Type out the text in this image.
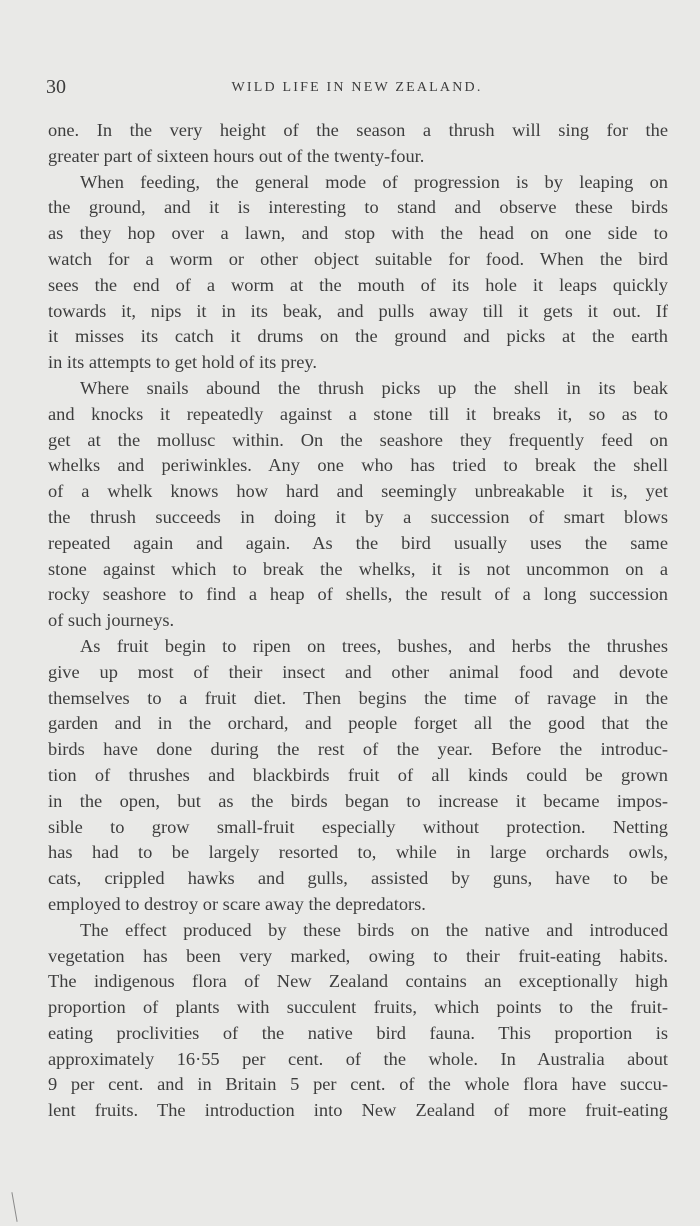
30	WILD LIFE IN NEW ZEALAND.
one. In the very height of the season a thrush will sing for the
greater part of sixteen hours out of the twenty-four.
When feeding, the general mode of progression is by leaping on
the ground, and it is interesting to stand and observe these birds
as they hop over a lawn, and stop with the head on one side to
watch for a worm or other object suitable for food. When the bird
sees the end of a worm at the mouth of its hole it leaps quickly
towards it, nips it in its beak, and pulls away till it gets it out. If
it misses its catch it drums on the ground and picks at the earth
in its attempts to get hold of its prey.
Where snails abound the thrush picks up the shell in its beak
and knocks it repeatedly against a stone till it breaks it, so as to
get at the mollusc within. On the seashore they frequently feed on
whelks and periwinkles. Any one who has tried to break the shell
of a whelk knows how hard and seemingly unbreakable it is, yet
the thrush succeeds in doing it by a succession of smart blows
repeated again and again. As the bird usually uses the same
stone against which to break the whelks, it is not uncommon on a
rocky seashore to find a heap of shells, the result of a long succession
of such journeys.
As fruit begin to ripen on trees, bushes, and herbs the thrushes
give up most of their insect and other animal food and devote
themselves to a fruit diet. Then begins the time of ravage in the
garden and in the orchard, and people forget all the good that the
birds have done during the rest of the year. Before the introduc-
tion of thrushes and blackbirds fruit of all kinds could be grown
in the open, but as the birds began to increase it became impos-
sible to grow small-fruit especially without protection. Netting
has had to be largely resorted to, while in large orchards owls,
cats, crippled hawks and gulls, assisted by guns, have to be
employed to destroy or scare away the depredators.
The effect produced by these birds on the native and introduced
vegetation has been very marked, owing to their fruit-eating habits.
The indigenous flora of New Zealand contains an exceptionally high
proportion of plants with succulent fruits, which points to the fruit-
eating proclivities of the native bird fauna. This proportion is
approximately 16·55 per cent. of the whole. In Australia about
9 per cent. and in Britain 5 per cent. of the whole flora have succu-
lent fruits. The introduction into New Zealand of more fruit-eating
